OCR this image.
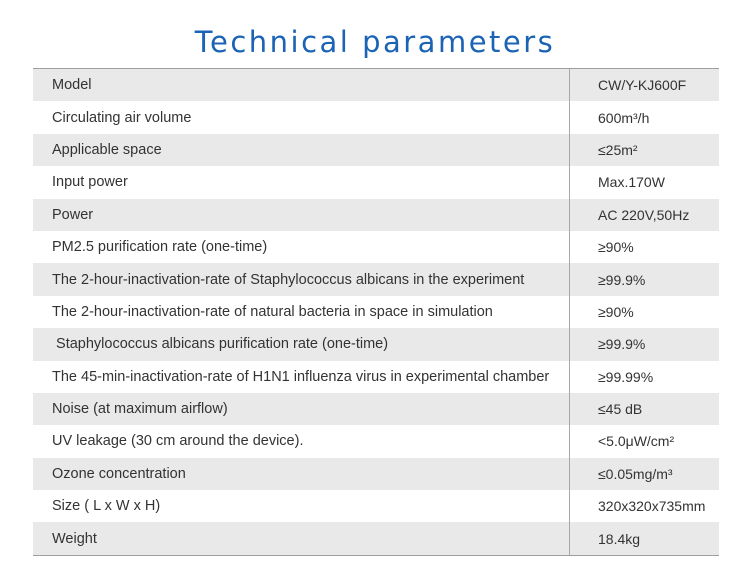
Technical parameters
Model	CW/Y-KJ600F
Circulating air volume	600m³/h
Applicable space	≤25m²
Input power	Max.170W
Power	AC 220V,50Hz
PM2.5 purification rate (one-time)	≥90%
The 2-hour-inactivation-rate of Staphylococcus albicans in the experiment	≥99.9%
The 2-hour-inactivation-rate of natural bacteria in space in simulation	≥90%
Staphylococcus albicans purification rate (one-time)	≥99.9%
The 45-min-inactivation-rate of H1N1 influenza virus in experimental chamber	≥99.99%
Noise (at maximum airflow)	≤45 dB
UV leakage (30 cm around the device).	<5.0μW/cm²
Ozone concentration	≤0.05mg/m³
Size ( L x W x H)	320x320x735mm
Weight	18.4kg
